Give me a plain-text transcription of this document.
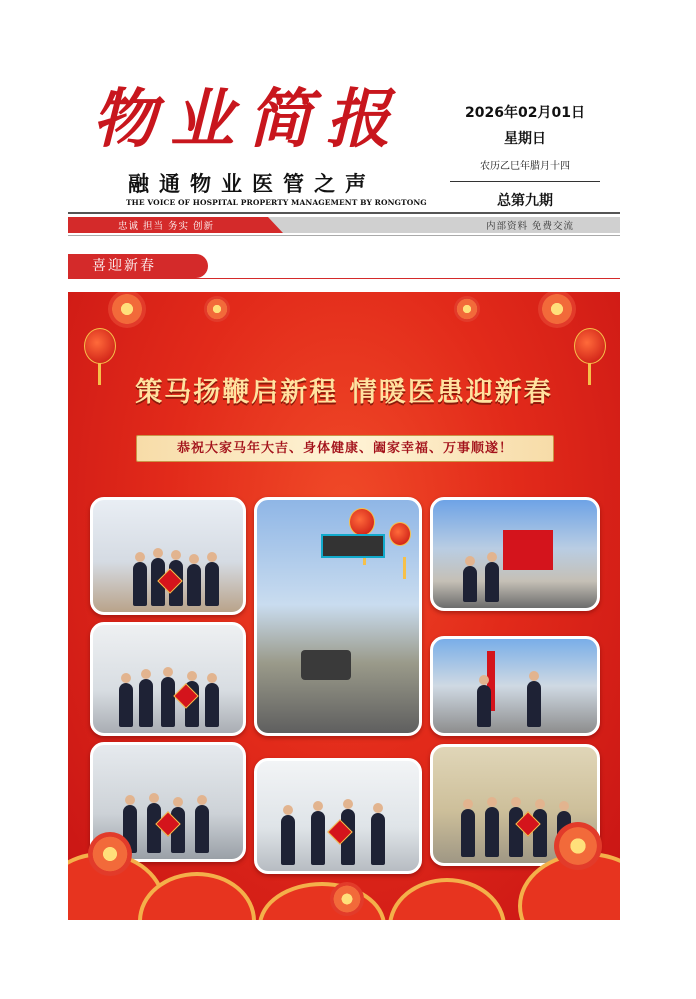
物业简报
融通物业医管之声
THE VOICE OF HOSPITAL PROPERTY MANAGEMENT BY RONGTONG
2026年02月01日
星期日
农历乙巳年腊月十四
总第九期
忠诚 担当 务实 创新	内部资料 免费交流
喜迎新春
策马扬鞭启新程 情暖医患迎新春
恭祝大家马年大吉、身体健康、阖家幸福、万事顺遂！
